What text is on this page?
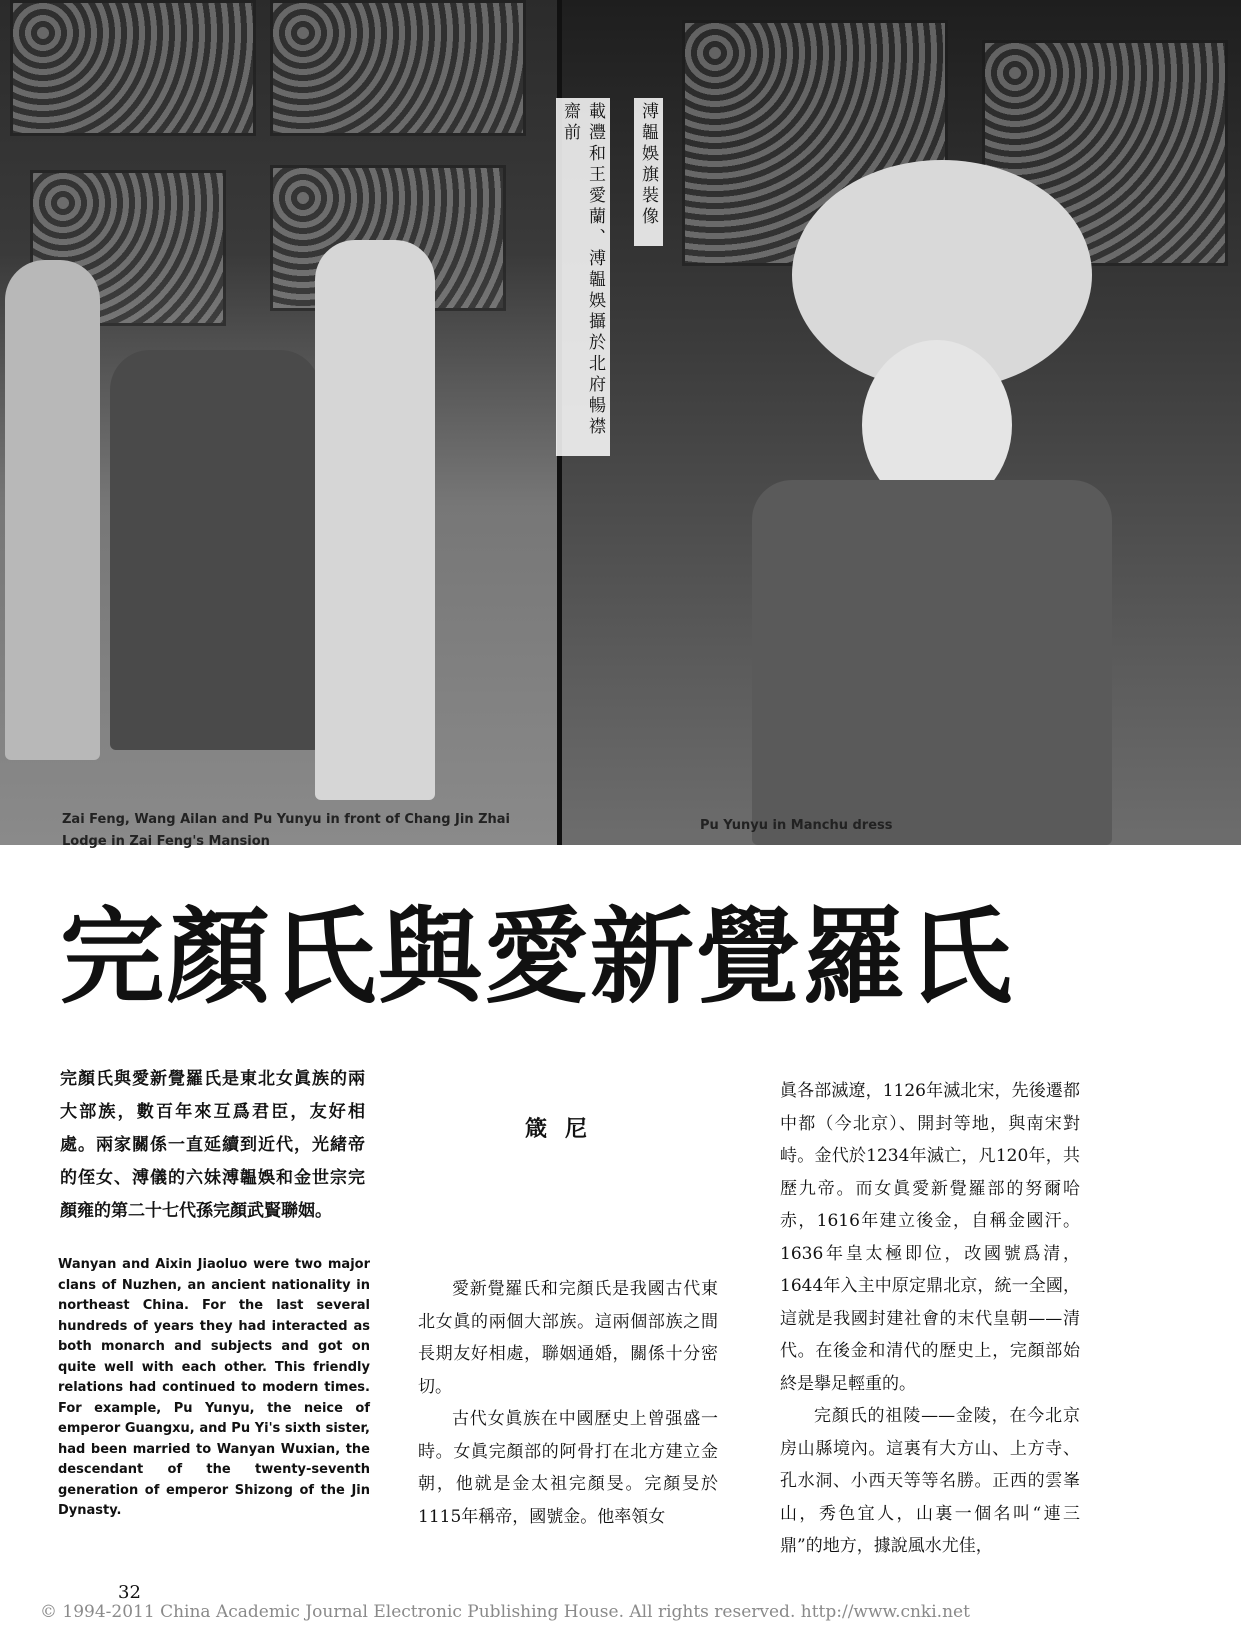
載灃和王愛蘭、溥韞娛攝於北府暢襟齋前	溥韞娛旗裝像
Zai Feng, Wang Ailan and Pu Yunyu in front of Chang Jin Zhai
Lodge in Zai Feng's Mansion
Pu Yunyu in Manchu dress
完顏氏與愛新覺羅氏
完顏氏與愛新覺羅氏是東北女眞族的兩大部族，數百年來互爲君臣，友好相處。兩家關係一直延續到近代，光緒帝的侄女、溥儀的六妹溥韞娛和金世宗完顏雍的第二十七代孫完顏武賢聯姻。
Wanyan and Aixin Jiaoluo were two major clans of Nuzhen, an ancient nationality in northeast China. For the last several hundreds of years they had interacted as both monarch and subjects and got on quite well with each other. This friendly relations had continued to modern times. For example, Pu Yunyu, the neice of emperor Guangxu, and Pu Yi's sixth sister, had been married to Wanyan Wuxian, the descendant of the twenty-seventh generation of emperor Shizong of the Jin Dynasty.
箴尼

愛新覺羅氏和完顏氏是我國古代東北女眞的兩個大部族。這兩個部族之間長期友好相處，聯姻通婚，關係十分密切。

古代女眞族在中國歷史上曾强盛一時。女眞完顏部的阿骨打在北方建立金朝，他就是金太祖完顏旻。完顏旻於1115年稱帝，國號金。他率領女

眞各部滅遼，1126年滅北宋，先後遷都中都（今北京）、開封等地，與南宋對峙。金代於1234年滅亡，凡120年，共歷九帝。而女眞愛新覺羅部的努爾哈赤，1616年建立後金，自稱金國汗。1636年皇太極即位，改國號爲清，1644年入主中原定鼎北京，統一全國，這就是我國封建社會的末代皇朝——清代。在後金和清代的歷史上，完顏部始終是擧足輕重的。

完顏氏的祖陵——金陵，在今北京房山縣境內。這裏有大方山、上方寺、孔水洞、小西天等等名勝。正西的雲峯山，秀色宜人，山裏一個名叫“連三鼎”的地方，據說風水尤佳，

32
© 1994-2011 China Academic Journal Electronic Publishing House. All rights reserved. http://www.cnki.net
